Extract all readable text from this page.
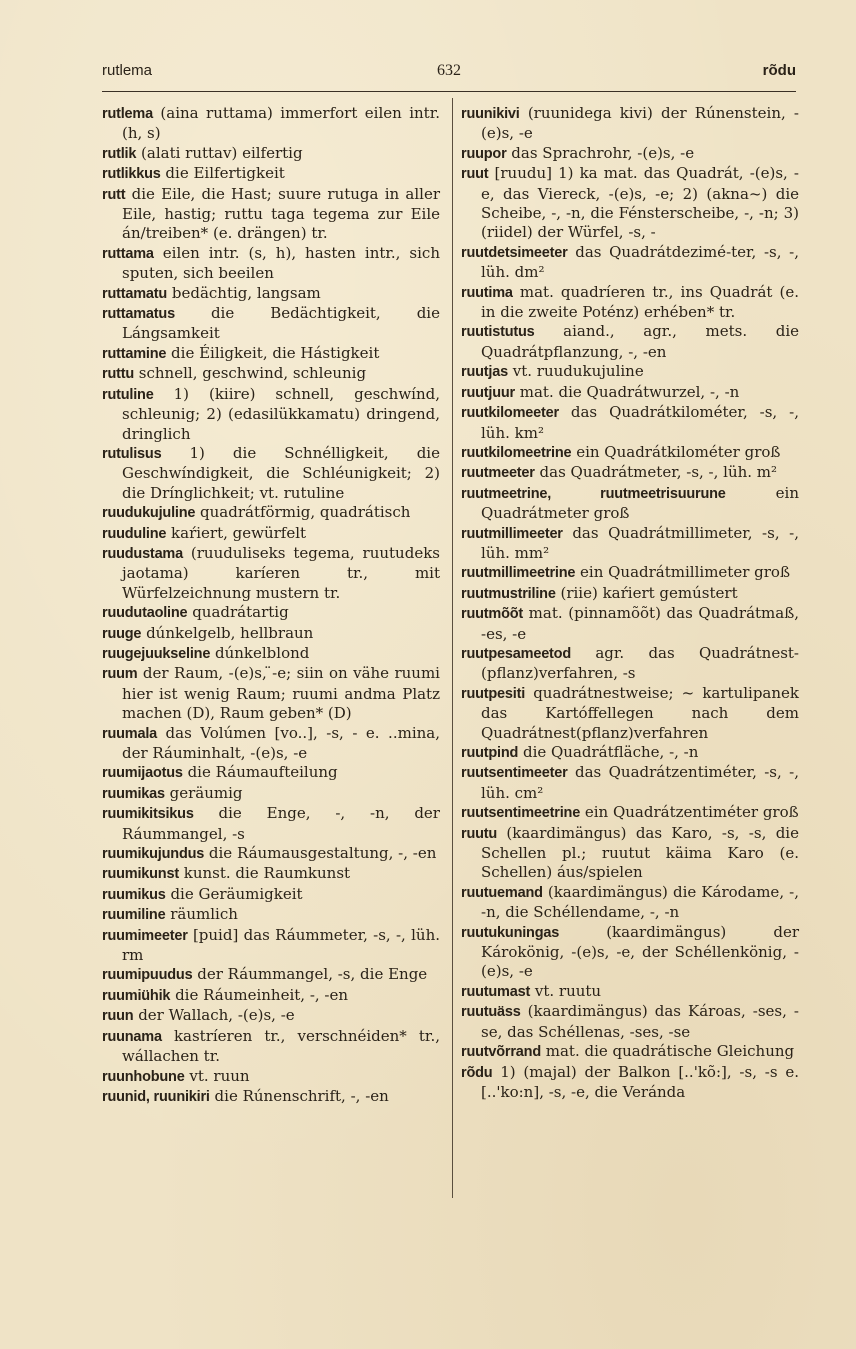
rutlema	632	rõdu

rutlema (aina ruttama) immerfort eilen intr. (h, s)

rutlik (alati ruttav) eilfertig

rutlikkus die Eilfertigkeit

rutt die Eile, die Hast; suure rutuga in aller Eile, hastig; ruttu taga tegema zur Eile án/treiben* (e. drängen) tr.

ruttama eilen intr. (s, h), hasten intr., sich sputen, sich beeilen

ruttamatu bedächtig, langsam

ruttamatus die Bedächtigkeit, die Lángsamkeit

ruttamine die Éiligkeit, die Hástigkeit

ruttu schnell, geschwind, schleunig

rutuline 1) (kiire) schnell, geschwínd, schleunig; 2) (edasilükkamatu) dringend, dringlich

rutulisus 1) die Schnélligkeit, die Geschwíndigkeit, die Schléunigkeit; 2) die Drínglichkeit; vt. rutuline

ruudukujuline quadrátförmig, quadrátisch

ruuduline kaŕiert, gewürfelt

ruudustama (ruuduliseks tegema, ruutudeks jaotama) karíeren tr., mit Würfelzeichnung mustern tr.

ruudutaoline quadrátartig

ruuge dúnkelgelb, hellbraun

ruugejuukseline dúnkelblond

ruum der Raum, -(e)s, ̈-e; siin on vähe ruumi hier ist wenig Raum; ruumi andma Platz machen (D), Raum geben* (D)

ruumala das Volúmen [vo..], -s, - e. ..mina, der Ráuminhalt, -(e)s, -e

ruumijaotus die Ráumaufteilung

ruumikas geräumig

ruumikitsikus die Enge, -, -n, der Ráummangel, -s

ruumikujundus die Ráumausgestaltung, -, -en

ruumikunst kunst. die Raumkunst

ruumikus die Geräumigkeit

ruumiline räumlich

ruumimeeter [puid] das Ráummeter, -s, -, lüh. rm

ruumipuudus der Ráummangel, -s, die Enge

ruumiühik die Ráumeinheit, -, -en

ruun der Wallach, -(e)s, -e

ruunama kastríeren tr., verschnéiden* tr., wállachen tr.

ruunhobune vt. ruun

ruunid, ruunikiri die Rúnenschrift, -, -en

ruunikivi (ruunidega kivi) der Rúnenstein, -(e)s, -e

ruupor das Sprachrohr, -(e)s, -e

ruut [ruudu] 1) ka mat. das Quadrát, -(e)s, -e, das Viereck, -(e)s, -e; 2) (akna~) die Scheibe, -, -n, die Fénsterscheibe, -, -n; 3) (riidel) der Würfel, -s, -

ruutdetsimeeter das Quadrátdezimé-ter, -s, -, lüh. dm²

ruutima mat. quadríeren tr., ins Quadrát (e. in die zweite Poténz) erhében* tr.

ruutistutus aiand., agr., mets. die Quadrátpflanzung, -, -en

ruutjas vt. ruudukujuline

ruutjuur mat. die Quadrátwurzel, -, -n

ruutkilomeeter das Quadrátkilométer, -s, -, lüh. km²

ruutkilomeetrine ein Quadrátkilométer groß

ruutmeeter das Quadrátmeter, -s, -, lüh. m²

ruutmeetrine, ruutmeetrisuurune	ein Quadrátmeter groß

ruutmillimeeter das Quadrátmillimeter, -s, -, lüh. mm²

ruutmillimeetrine ein Quadrátmillimeter groß

ruutmustriline (riie) kaŕiert gemústert

ruutmõõt mat. (pinnamõõt) das Quadrátmaß, -es, -e

ruutpesameetod agr. das Quadrátnest-(pflanz)verfahren, -s

ruutpesiti quadrátnestweise; ~ kartulipanek das Kartóffellegen nach dem Quadrátnest(pflanz)verfahren

ruutpind die Quadrátfläche, -, -n

ruutsentimeeter das Quadrátzentiméter, -s, -, lüh. cm²

ruutsentimeetrine ein Quadrátzentiméter groß

ruutu (kaardimängus) das Karo, -s, -s, die Schellen pl.; ruutut käima Karo (e. Schellen) áus/spielen

ruutuemand (kaardimängus) die Károdame, -, -n, die Schéllendame, -, -n

ruutukuningas	(kaardimängus) der Károkönig, -(e)s, -e, der Schéllenkönig, -(e)s, -e

ruutumast vt. ruutu

ruutuäss (kaardimängus) das Károas, -ses, -se, das Schéllenas, -ses, -se

ruutvõrrand mat. die quadrátische Gleichung

rõdu 1) (majal) der Balkon [..'kõ:], -s, -s e. [..'ko:n], -s, -e, die Veránda
